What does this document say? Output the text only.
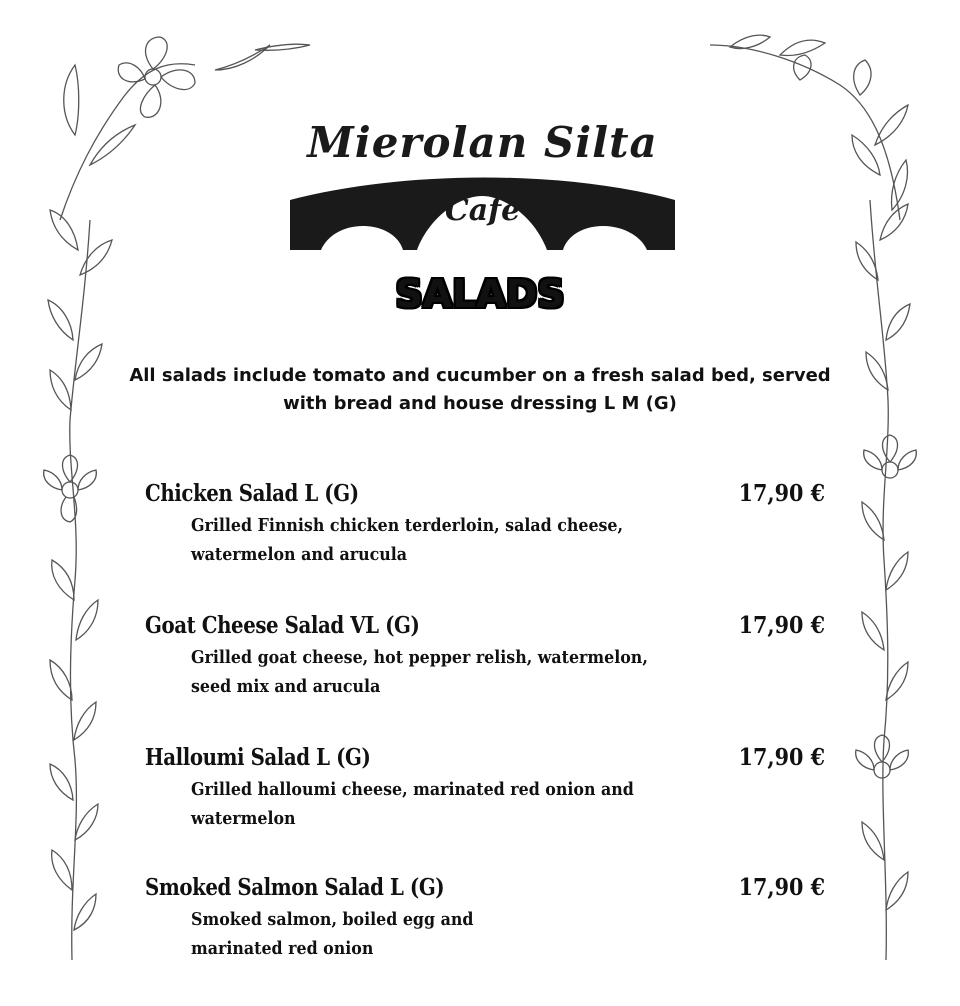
Mierolan Silta
Café
SALADS
All salads include tomato and cucumber on a fresh salad bed, served
with bread and house dressing L M (G)
Chicken Salad L (G)	17,90 €
Grilled Finnish chicken terderloin, salad cheese,
watermelon and arucula
Goat Cheese Salad VL (G)	17,90 €
Grilled goat cheese, hot pepper relish, watermelon,
seed mix and arucula
Halloumi Salad L (G)	17,90 €
Grilled halloumi cheese, marinated red onion and
watermelon
Smoked Salmon Salad L (G)	17,90 €
Smoked salmon, boiled egg and
marinated red onion
